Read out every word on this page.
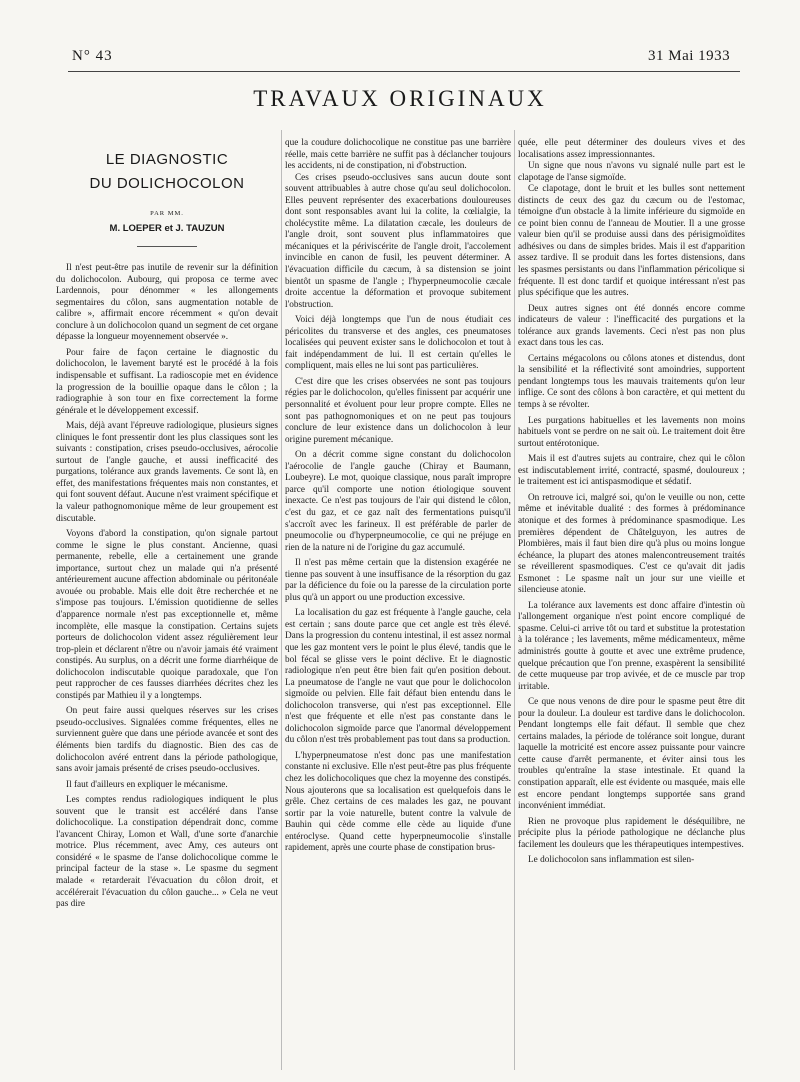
N° 43	31 Mai 1933
TRAVAUX ORIGINAUX
LE DIAGNOSTIC
DU DOLICHOCOLON
PAR MM.
M. LOEPER et J. TAUZUN

Il n'est peut-être pas inutile de revenir sur la définition du dolichocolon. Aubourg, qui proposa ce terme avec Lardennois, pour dénommer « les allongements segmentaires du côlon, sans augmentation notable de calibre », affirmait encore récemment « qu'on devait conclure à un dolichocolon quand un segment de cet organe dépasse la longueur moyennement observée ».

Pour faire de façon certaine le diagnostic du dolichocolon, le lavement baryté est le procédé à la fois indispensable et suffisant. La radioscopie met en évidence la progression de la bouillie opaque dans le côlon ; la radiographie à son tour en fixe correctement la forme générale et le développement excessif.

Mais, déjà avant l'épreuve radiologique, plusieurs signes cliniques le font pressentir dont les plus classiques sont les suivants : constipation, crises pseudo-occlusives, aérocolie surtout de l'angle gauche, et aussi inefficacité des purgations, tolérance aux grands lavements. Ce sont là, en effet, des manifestations fréquentes mais non constantes, et qui font souvent défaut. Aucune n'est vraiment spécifique et la valeur pathognomonique même de leur groupement est discutable.

Voyons d'abord la constipation, qu'on signale partout comme le signe le plus constant. Ancienne, quasi permanente, rebelle, elle a certainement une grande importance, surtout chez un malade qui n'a présenté antérieurement aucune affection abdominale ou péritonéale avouée ou probable. Mais elle doit être recherchée et ne s'impose pas toujours. L'émission quotidienne de selles d'apparence normale n'est pas exceptionnelle et, même incomplète, elle masque la constipation. Certains sujets porteurs de dolichocolon vident assez régulièrement leur trop-plein et déclarent n'être ou n'avoir jamais été vraiment constipés. Au surplus, on a décrit une forme diarrhéique de dolichocolon indiscutable quoique paradoxale, que l'on peut rapprocher de ces fausses diarrhées décrites chez les constipés par Mathieu il y a longtemps.

On peut faire aussi quelques réserves sur les crises pseudo-occlusives. Signalées comme fréquentes, elles ne surviennent guère que dans une période avancée et sont des éléments bien tardifs du diagnostic. Bien des cas de dolichocolon avéré entrent dans la période pathologique, sans avoir jamais présenté de crises pseudo-occlusives.

Il faut d'ailleurs en expliquer le mécanisme.

Les comptes rendus radiologiques indiquent le plus souvent que le transit est accéléré dans l'anse dolichocolique. La constipation dépendrait donc, comme l'avancent Chiray, Lomon et Wall, d'une sorte d'anarchie motrice. Plus récemment, avec Amy, ces auteurs ont considéré « le spasme de l'anse dolichocolique comme le principal facteur de la stase ». Le spasme du segment malade « retarderait l'évacuation du côlon droit, et accélérerait l'évacuation du côlon gauche... » Cela ne veut pas dire

que la coudure dolichocolique ne constitue pas une barrière réelle, mais cette barrière ne suffit pas à déclancher toujours les accidents, ni de constipation, ni d'obstruction.

Ces crises pseudo-occlusives sans aucun doute sont souvent attribuables à autre chose qu'au seul dolichocolon. Elles peuvent représenter des exacerbations douloureuses dont sont responsables avant lui la colite, la cœlialgie, la cholécystite même. La dilatation cæcale, les douleurs de l'angle droit, sont souvent plus inflammatoires que mécaniques et la périviscérite de l'angle droit, l'accolement invincible en canon de fusil, les peuvent déterminer. A l'évacuation difficile du cæcum, à sa distension se joint bientôt un spasme de l'angle ; l'hyperpneumocolie cæcale droite accentue la déformation et provoque subitement l'obstruction.

Voici déjà longtemps que l'un de nous étudiait ces péricolites du transverse et des angles, ces pneumatoses localisées qui peuvent exister sans le dolichocolon et tout à fait indépendamment de lui. Il est certain qu'elles le compliquent, mais elles ne lui sont pas particulières.

C'est dire que les crises observées ne sont pas toujours régies par le dolichocolon, qu'elles finissent par acquérir une personnalité et évoluent pour leur propre compte. Elles ne sont pas pathognomoniques et on ne peut pas toujours conclure de leur existence dans un dolichocolon à leur origine purement mécanique.

On a décrit comme signe constant du dolichocolon l'aérocolie de l'angle gauche (Chiray et Baumann, Loubeyre). Le mot, quoique classique, nous paraît impropre parce qu'il comporte une notion étiologique souvent inexacte. Ce n'est pas toujours de l'air qui distend le côlon, c'est du gaz, et ce gaz naît des fermentations puisqu'il s'accroît avec les farineux. Il est préférable de parler de pneumocolie ou d'hyperpneumocolie, ce qui ne préjuge en rien de la nature ni de l'origine du gaz accumulé.

Il n'est pas même certain que la distension exagérée ne tienne pas souvent à une insuffisance de la résorption du gaz par la déficience du foie ou la paresse de la circulation porte plus qu'à un apport ou une production excessive.

La localisation du gaz est fréquente à l'angle gauche, cela est certain ; sans doute parce que cet angle est très élevé. Dans la progression du contenu intestinal, il est assez normal que les gaz montent vers le point le plus élevé, tandis que le bol fécal se glisse vers le point déclive. Et le diagnostic radiologique n'en peut être bien fait qu'en position debout. La pneumatose de l'angle ne vaut que pour le dolichocolon sigmoïde ou pelvien. Elle fait défaut bien entendu dans le dolichocolon transverse, qui n'est pas exceptionnel. Elle n'est que fréquente et elle n'est pas constante dans le dolichocolon sigmoïde parce que l'anormal développement du côlon n'est très probablement pas tout dans sa production.

L'hyperpneumatose n'est donc pas une manifestation constante ni exclusive. Elle n'est peut-être pas plus fréquente chez les dolichocoliques que chez la moyenne des constipés. Nous ajouterons que sa localisation est quelquefois dans le grêle. Chez certains de ces malades les gaz, ne pouvant sortir par la voie naturelle, butent contre la valvule de Bauhin qui cède comme elle cède au liquide d'une entéroclyse. Quand cette hyperpneumocolie s'installe rapidement, après une courte phase de constipation brus-

quée, elle peut déterminer des douleurs vives et des localisations assez impressionnantes.

Un signe que nous n'avons vu signalé nulle part est le clapotage de l'anse sigmoïde.

Ce clapotage, dont le bruit et les bulles sont nettement distincts de ceux des gaz du cæcum ou de l'estomac, témoigne d'un obstacle à la limite inférieure du sigmoïde en ce point bien connu de l'anneau de Moutier. Il a une grosse valeur bien qu'il se produise aussi dans des périsigmoïdites adhésives ou dans de simples brides. Mais il est d'apparition assez tardive. Il se produit dans les fortes distensions, dans les spasmes persistants ou dans l'inflammation péricolique si fréquente. Il est donc tardif et quoique intéressant n'est pas plus spécifique que les autres.

Deux autres signes ont été donnés encore comme indicateurs de valeur : l'inefficacité des purgations et la tolérance aux grands lavements. Ceci n'est pas non plus exact dans tous les cas.

Certains mégacolons ou côlons atones et distendus, dont la sensibilité et la réflectivité sont amoindries, supportent pendant longtemps tous les mauvais traitements qu'on leur inflige. Ce sont des côlons à bon caractère, et qui mettent du temps à se révolter.

Les purgations habituelles et les lavements non moins habituels vont se perdre on ne sait où. Le traitement doit être surtout entérotonique.

Mais il est d'autres sujets au contraire, chez qui le côlon est indiscutablement irrité, contracté, spasmé, douloureux ; le traitement est ici antispasmodique et sédatif.

On retrouve ici, malgré soi, qu'on le veuille ou non, cette même et inévitable dualité : des formes à prédominance atonique et des formes à prédominance spasmodique. Les premières dépendent de Châtelguyon, les autres de Plombières, mais il faut bien dire qu'à plus ou moins longue échéance, la plupart des atones malencontreusement traités se réveillerent spasmodiques. C'est ce qu'avait dit jadis Esmonet : Le spasme naît un jour sur une vieille et silencieuse atonie.

La tolérance aux lavements est donc affaire d'intestin où l'allongement organique n'est point encore compliqué de spasme. Celui-ci arrive tôt ou tard et substitue la protestation à la tolérance ; les lavements, même médicamenteux, même administrés goutte à goutte et avec une extrême prudence, quelque précaution que l'on prenne, exaspèrent la sensibilité de cette muqueuse par trop avivée, et de ce muscle par trop irritable.

Ce que nous venons de dire pour le spasme peut être dit pour la douleur. La douleur est tardive dans le dolichocolon. Pendant longtemps elle fait défaut. Il semble que chez certains malades, la période de tolérance soit longue, durant laquelle la motricité est encore assez puissante pour vaincre cette cause d'arrêt permanente, et éviter ainsi tous les troubles qu'entraîne la stase intestinale. Et quand la constipation apparaît, elle est évidente ou masquée, mais elle est encore pendant longtemps supportée sans grand inconvénient immédiat.

Rien ne provoque plus rapidement le déséquilibre, ne précipite plus la période pathologique ne déclanche plus facilement les douleurs que les thérapeutiques intempestives.

Le dolichocolon sans inflammation est silen-
